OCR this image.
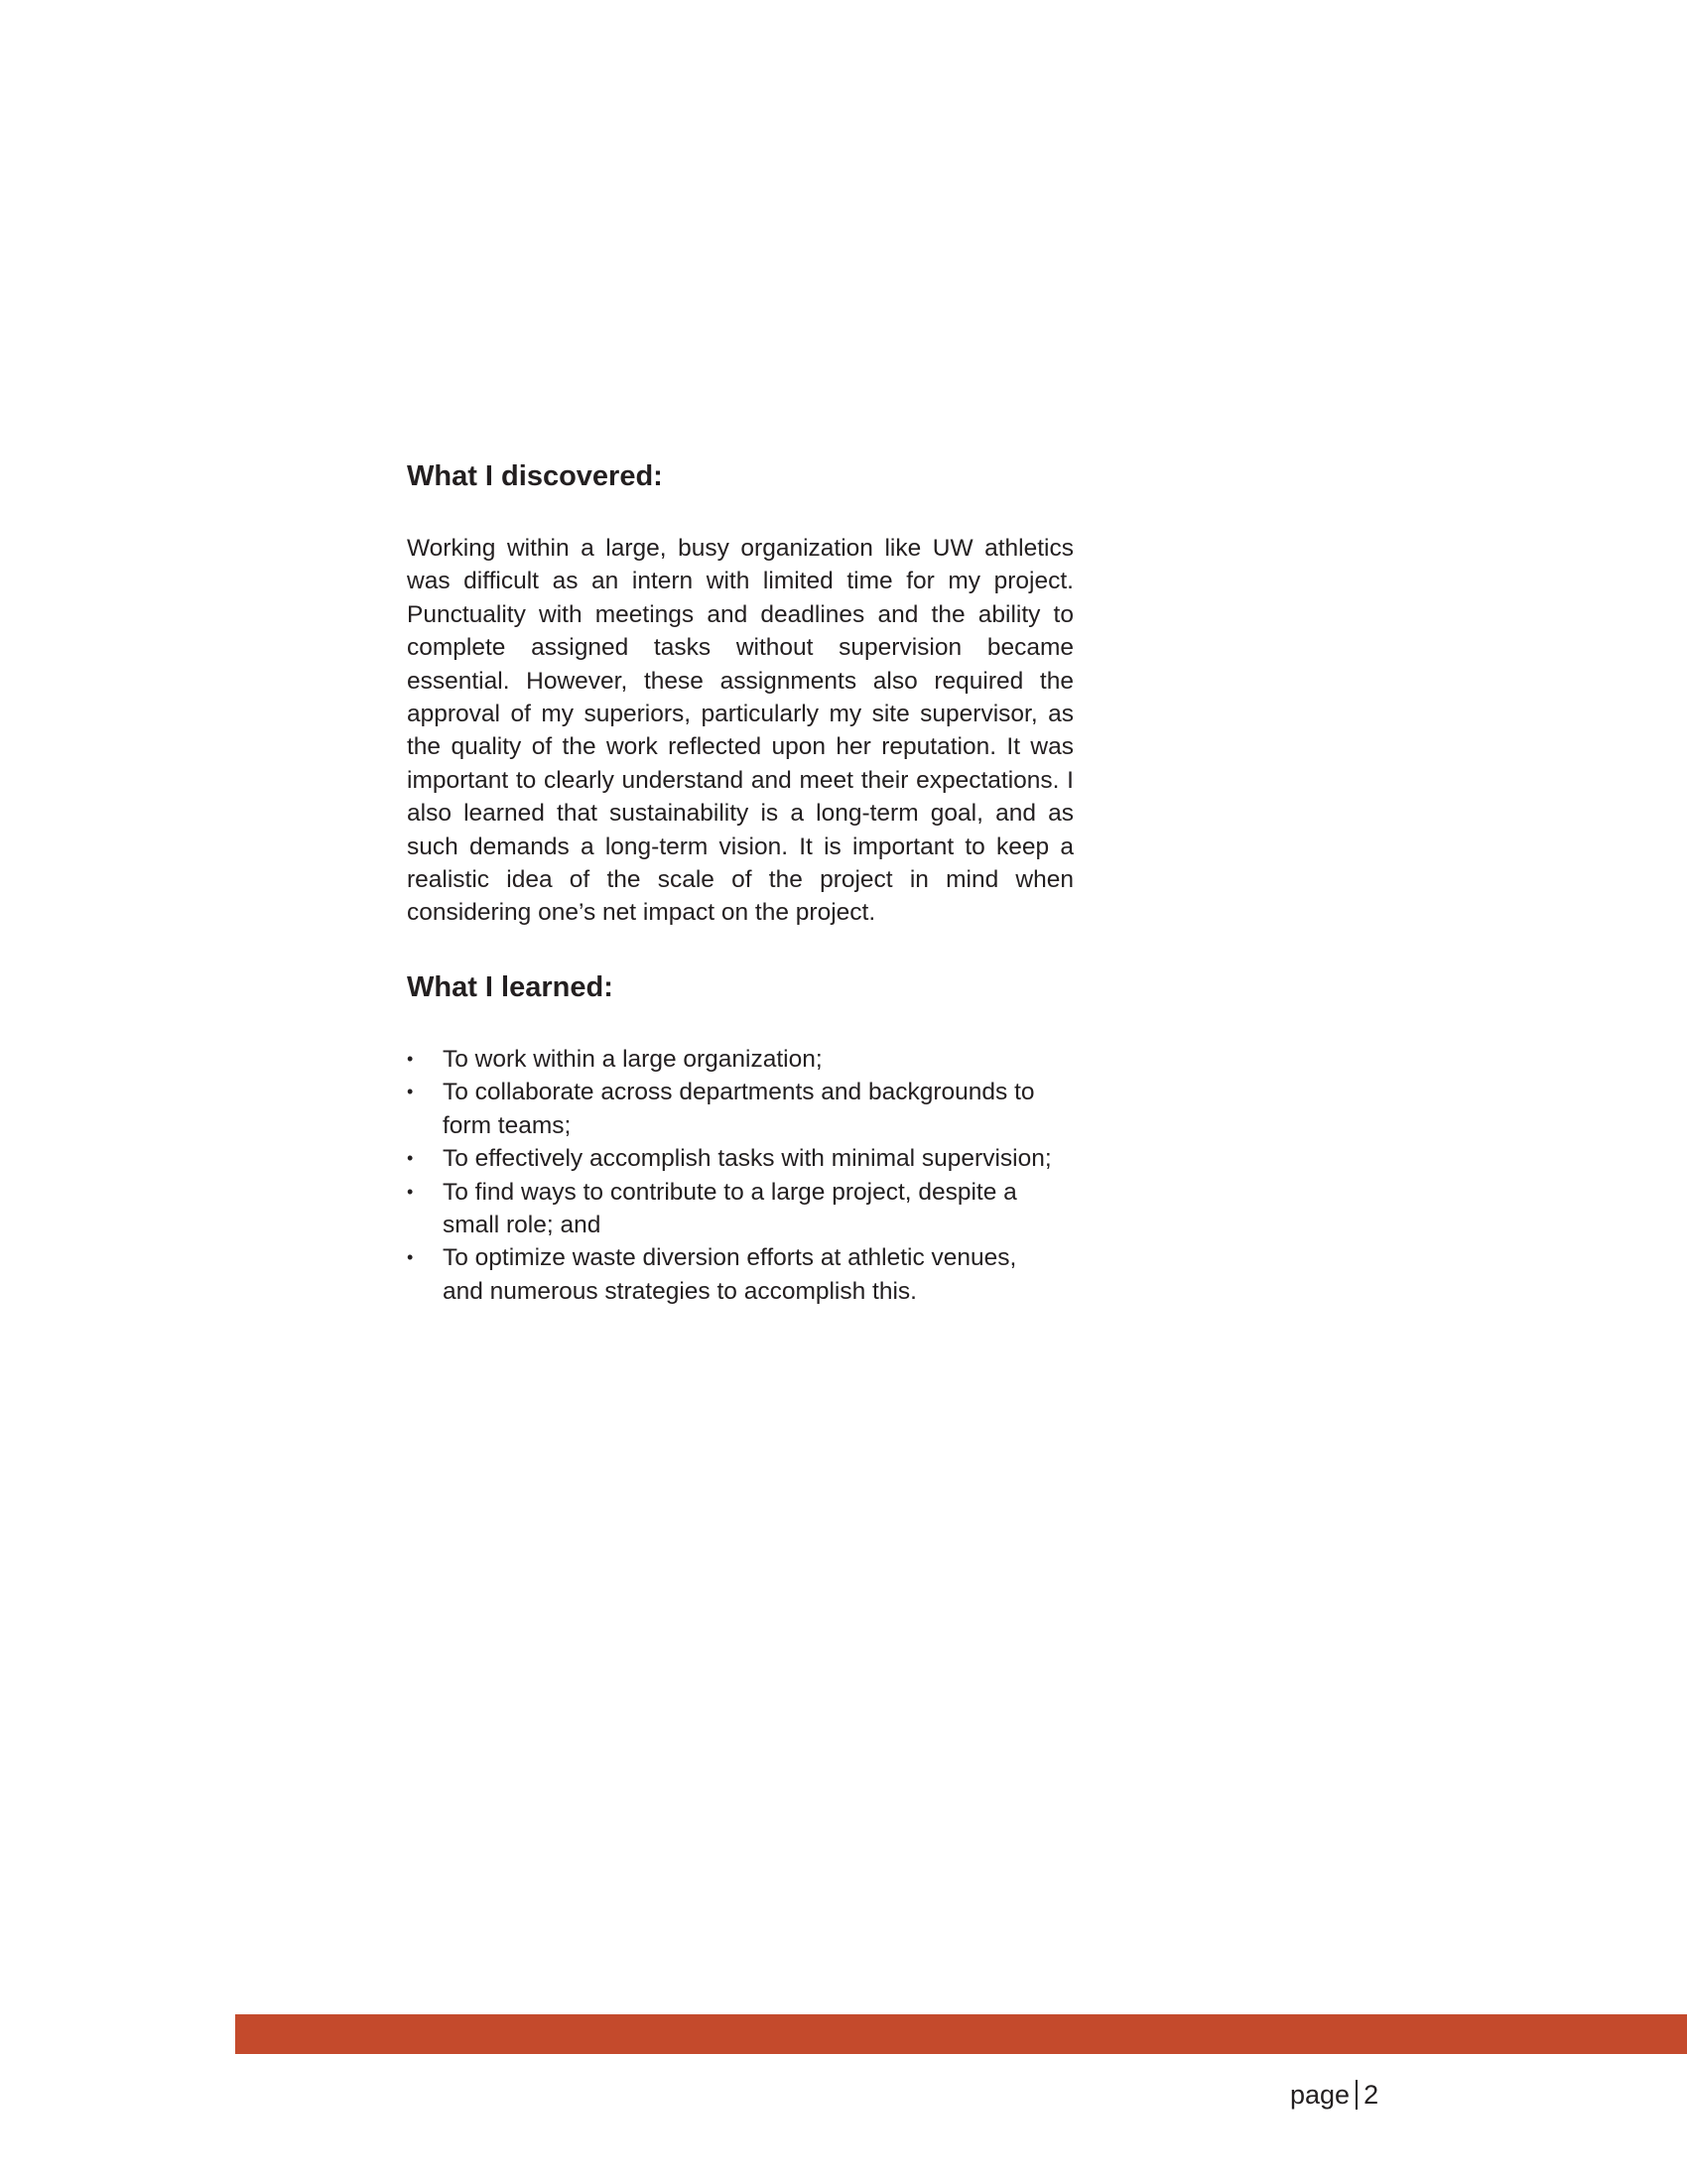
What I discovered:

Working within a large, busy organization like UW athletics was difficult as an intern with limited time for my project. Punctuality with meetings and deadlines and the ability to complete assigned tasks without supervision became essential. However, these assignments also required the approval of my superiors, particularly my site supervisor, as the quality of the work reflected upon her reputation. It was important to clearly understand and meet their expectations. I also learned that sustainability is a long-term goal, and as such demands a long-term vision. It is important to keep a realistic idea of the scale of the project in mind when considering one’s net impact on the project.

What I learned:
• To work within a large organization;
• To collaborate across departments and backgrounds to form teams;
• To effectively accomplish tasks with minimal supervision;
• To find ways to contribute to a large project, despite a small role; and
• To optimize waste diversion efforts at athletic venues, and numerous strategies to accomplish this.
page 2
